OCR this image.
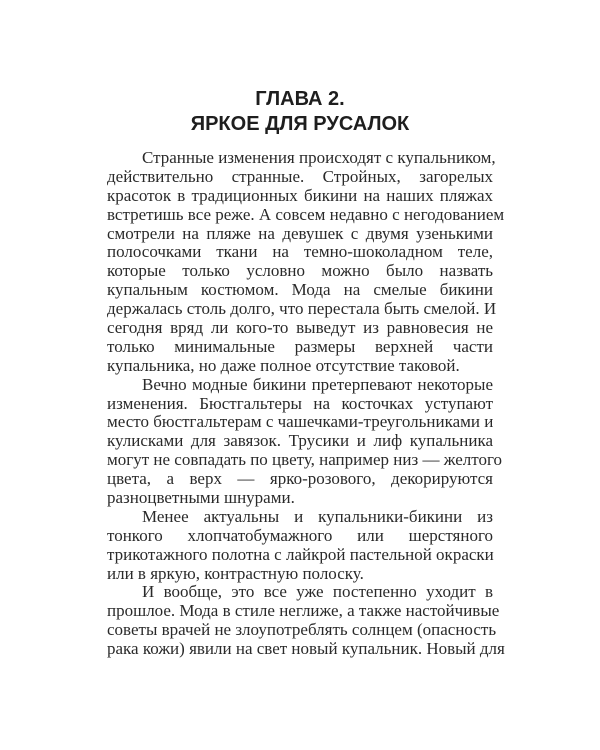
ГЛАВА 2.
ЯРКОЕ ДЛЯ РУСАЛОК
Странные изменения происходят с купальником,
действительно странные. Стройных, загорелых
красоток в традиционных бикини на наших пляжах
встретишь все реже. А совсем недавно с негодованием
смотрели на пляже на девушек с двумя узенькими
полосочками ткани на темно-шоколадном теле,
которые только условно можно было назвать
купальным костюмом. Мода на смелые бикини
держалась столь долго, что перестала быть смелой. И
сегодня вряд ли кого-то выведут из равновесия не
только минимальные размеры верхней части
купальника, но даже полное отсутствие таковой.
Вечно модные бикини претерпевают некоторые
изменения. Бюстгальтеры на косточках уступают
место бюстгальтерам с чашечками-треугольниками и
кулисками для завязок. Трусики и лиф купальника
могут не совпадать по цвету, например низ — желтого
цвета, а верх — ярко-розового, декорируются
разноцветными шнурами.
Менее актуальны и купальники-бикини из
тонкого хлопчатобумажного или шерстяного
трикотажного полотна с лайкрой пастельной окраски
или в яркую, контрастную полоску.
И вообще, это все уже постепенно уходит в
прошлое. Мода в стиле неглиже, а также настойчивые
советы врачей не злоупотреблять солнцем (опасность
рака кожи) явили на свет новый купальник. Новый для
